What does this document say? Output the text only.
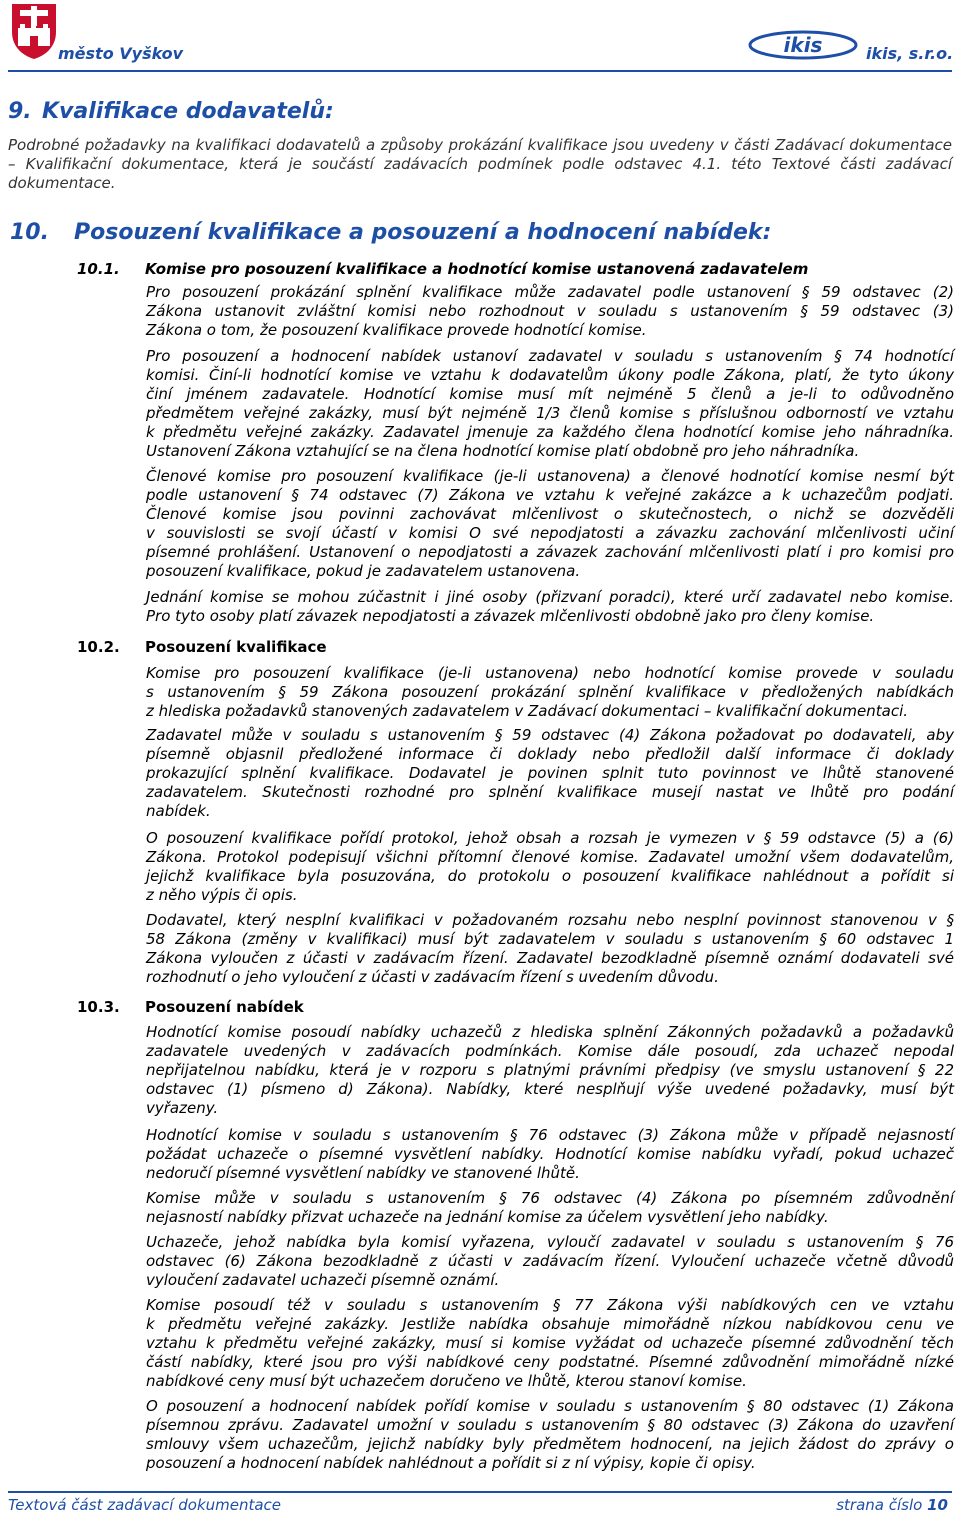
město Vyškov	ikis	ikis, s.r.o.
9. Kvalifikace dodavatelů:

Podrobné požadavky na kvalifikaci dodavatelů a způsoby prokázání kvalifikace jsou uvedeny v části Zadávací dokumentace – Kvalifikační dokumentace, která je součástí zadávacích podmínek podle odstavec 4.1. této Textové části zadávací dokumentace.

10. Posouzení kvalifikace a posouzení a hodnocení nabídek:
10.1. Komise pro posouzení kvalifikace a hodnotící komise ustanovená zadavatelem

Pro posouzení prokázání splnění kvalifikace může zadavatel podle ustanovení § 59 odstavec (2)
Zákona ustanovit zvláštní komisi nebo rozhodnout v souladu s ustanovením § 59 odstavec (3)
Zákona o tom, že posouzení kvalifikace provede hodnotící komise.

Pro posouzení a hodnocení nabídek ustanoví zadavatel v souladu s ustanovením § 74 hodnotící
komisi. Činí-li hodnotící komise ve vztahu k dodavatelům úkony podle Zákona, platí, že tyto úkony
činí jménem zadavatele. Hodnotící komise musí mít nejméně 5 členů a je-li to odůvodněno
předmětem veřejné zakázky, musí být nejméně 1/3 členů komise s příslušnou odborností ve vztahu
k předmětu veřejné zakázky. Zadavatel jmenuje za každého člena hodnotící komise jeho náhradníka.
Ustanovení Zákona vztahující se na člena hodnotící komise platí obdobně pro jeho náhradníka.

Členové komise pro posouzení kvalifikace (je-li ustanovena) a členové hodnotící komise nesmí být
podle ustanovení § 74 odstavec (7) Zákona ve vztahu k veřejné zakázce a k uchazečům podjati.
Členové komise jsou povinni zachovávat mlčenlivost o skutečnostech, o nichž se dozvěděli
v souvislosti se svojí účastí v komisi O své nepodjatosti a závazku zachování mlčenlivosti učiní
písemné prohlášení. Ustanovení o nepodjatosti a závazek zachování mlčenlivosti platí i pro komisi pro
posouzení kvalifikace, pokud je zadavatelem ustanovena.

Jednání komise se mohou zúčastnit i jiné osoby (přizvaní poradci), které určí zadavatel nebo komise.
Pro tyto osoby platí závazek nepodjatosti a závazek mlčenlivosti obdobně jako pro členy komise.

10.2. Posouzení kvalifikace

Komise pro posouzení kvalifikace (je-li ustanovena) nebo hodnotící komise provede v souladu
s ustanovením § 59 Zákona posouzení prokázání splnění kvalifikace v předložených nabídkách
z hlediska požadavků stanovených zadavatelem v Zadávací dokumentaci – kvalifikační dokumentaci.

Zadavatel může v souladu s ustanovením § 59 odstavec (4) Zákona požadovat po dodavateli, aby
písemně objasnil předložené informace či doklady nebo předložil další informace či doklady
prokazující splnění kvalifikace. Dodavatel je povinen splnit tuto povinnost ve lhůtě stanovené
zadavatelem. Skutečnosti rozhodné pro splnění kvalifikace musejí nastat ve lhůtě pro podání
nabídek.

O posouzení kvalifikace pořídí protokol, jehož obsah a rozsah je vymezen v § 59 odstavce (5) a (6)
Zákona. Protokol podepisují všichni přítomní členové komise. Zadavatel umožní všem dodavatelům,
jejichž kvalifikace byla posuzována, do protokolu o posouzení kvalifikace nahlédnout a pořídit si
z něho výpis či opis.

Dodavatel, který nesplní kvalifikaci v požadovaném rozsahu nebo nesplní povinnost stanovenou v §
58 Zákona (změny v kvalifikaci) musí být zadavatelem v souladu s ustanovením § 60 odstavec 1
Zákona vyloučen z účasti v zadávacím řízení. Zadavatel bezodkladně písemně oznámí dodavateli své
rozhodnutí o jeho vyloučení z účasti v zadávacím řízení s uvedením důvodu.

10.3. Posouzení nabídek

Hodnotící komise posoudí nabídky uchazečů z hlediska splnění Zákonných požadavků a požadavků
zadavatele uvedených v zadávacích podmínkách. Komise dále posoudí, zda uchazeč nepodal
nepřijatelnou nabídku, která je v rozporu s platnými právními předpisy (ve smyslu ustanovení § 22
odstavec (1) písmeno d) Zákona). Nabídky, které nesplňují výše uvedené požadavky, musí být
vyřazeny.

Hodnotící komise v souladu s ustanovením § 76 odstavec (3) Zákona může v případě nejasností
požádat uchazeče o písemné vysvětlení nabídky. Hodnotící komise nabídku vyřadí, pokud uchazeč
nedoručí písemné vysvětlení nabídky ve stanovené lhůtě.

Komise může v souladu s ustanovením § 76 odstavec (4) Zákona po písemném zdůvodnění
nejasností nabídky přizvat uchazeče na jednání komise za účelem vysvětlení jeho nabídky.

Uchazeče, jehož nabídka byla komisí vyřazena, vyloučí zadavatel v souladu s ustanovením § 76
odstavec (6) Zákona bezodkladně z účasti v zadávacím řízení. Vyloučení uchazeče včetně důvodů
vyloučení zadavatel uchazeči písemně oznámí.

Komise posoudí též v souladu s ustanovením § 77 Zákona výši nabídkových cen ve vztahu
k předmětu veřejné zakázky. Jestliže nabídka obsahuje mimořádně nízkou nabídkovou cenu ve
vztahu k předmětu veřejné zakázky, musí si komise vyžádat od uchazeče písemné zdůvodnění těch
částí nabídky, které jsou pro výši nabídkové ceny podstatné. Písemné zdůvodnění mimořádně nízké
nabídkové ceny musí být uchazečem doručeno ve lhůtě, kterou stanoví komise.

O posouzení a hodnocení nabídek pořídí komise v souladu s ustanovením § 80 odstavec (1) Zákona
písemnou zprávu. Zadavatel umožní v souladu s ustanovením § 80 odstavec (3) Zákona do uzavření
smlouvy všem uchazečům, jejichž nabídky byly předmětem hodnocení, na jejich žádost do zprávy o
posouzení a hodnocení nabídek nahlédnout a pořídit si z ní výpisy, kopie či opisy.

Textová část zadávací dokumentace	strana číslo 10
